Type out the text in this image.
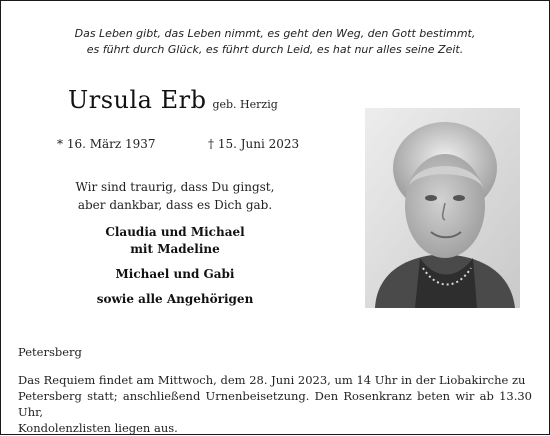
Das Leben gibt, das Leben nimmt, es geht den Weg, den Gott bestimmt,
es führt durch Glück, es führt durch Leid, es hat nur alles seine Zeit.
Ursula Erb geb. Herzig
* 16. März 1937	† 15. Juni 2023
Wir sind traurig, dass Du gingst,
aber dankbar, dass es Dich gab.
Claudia und Michael
mit Madeline
Michael und Gabi
sowie alle Angehörigen
Petersberg
Das Requiem findet am Mittwoch, dem 28. Juni 2023, um 14 Uhr in der Liobakirche zu
Petersberg statt; anschließend Urnenbeisetzung. Den Rosenkranz beten wir ab 13.30 Uhr,
Kondolenzlisten liegen aus.
